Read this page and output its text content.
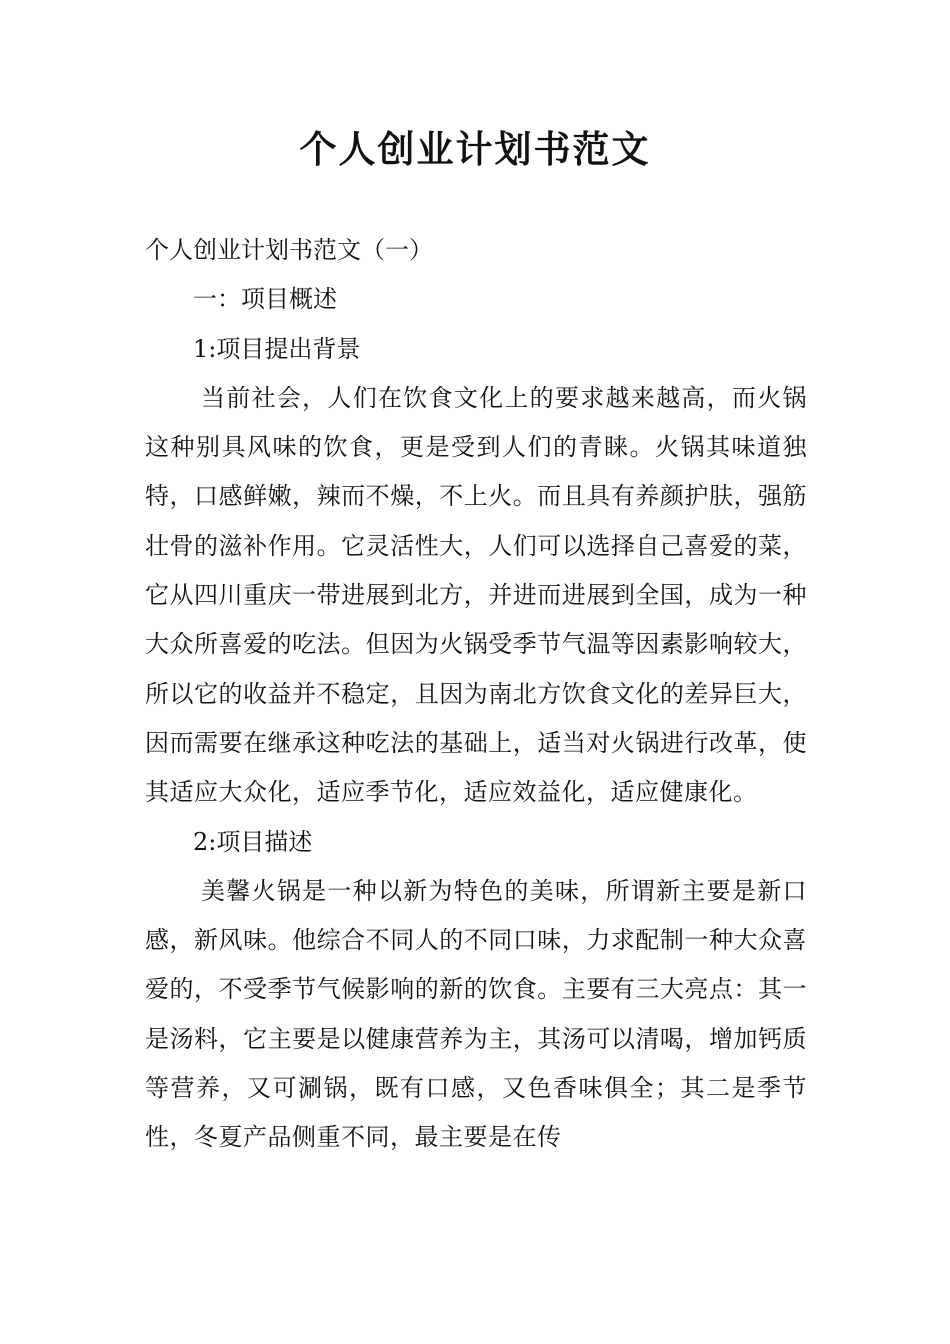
个人创业计划书范文

个人创业计划书范文（一）

一：项目概述

1:项目提出背景

当前社会，人们在饮食文化上的要求越来越高，而火锅这种别具风味的饮食，更是受到人们的青睐。火锅其味道独特，口感鲜嫩，辣而不燥，不上火。而且具有养颜护肤，强筋壮骨的滋补作用。它灵活性大，人们可以选择自己喜爱的菜，它从四川重庆一带进展到北方，并进而进展到全国，成为一种大众所喜爱的吃法。但因为火锅受季节气温等因素影响较大，所以它的收益并不稳定，且因为南北方饮食文化的差异巨大，因而需要在继承这种吃法的基础上，适当对火锅进行改革，使其适应大众化，适应季节化，适应效益化，适应健康化。

2:项目描述

美馨火锅是一种以新为特色的美味，所谓新主要是新口感，新风味。他综合不同人的不同口味，力求配制一种大众喜爱的，不受季节气候影响的新的饮食。主要有三大亮点：其一是汤料，它主要是以健康营养为主，其汤可以清喝，增加钙质等营养，又可涮锅，既有口感，又色香味俱全；其二是季节性，冬夏产品侧重不同，最主要是在传
